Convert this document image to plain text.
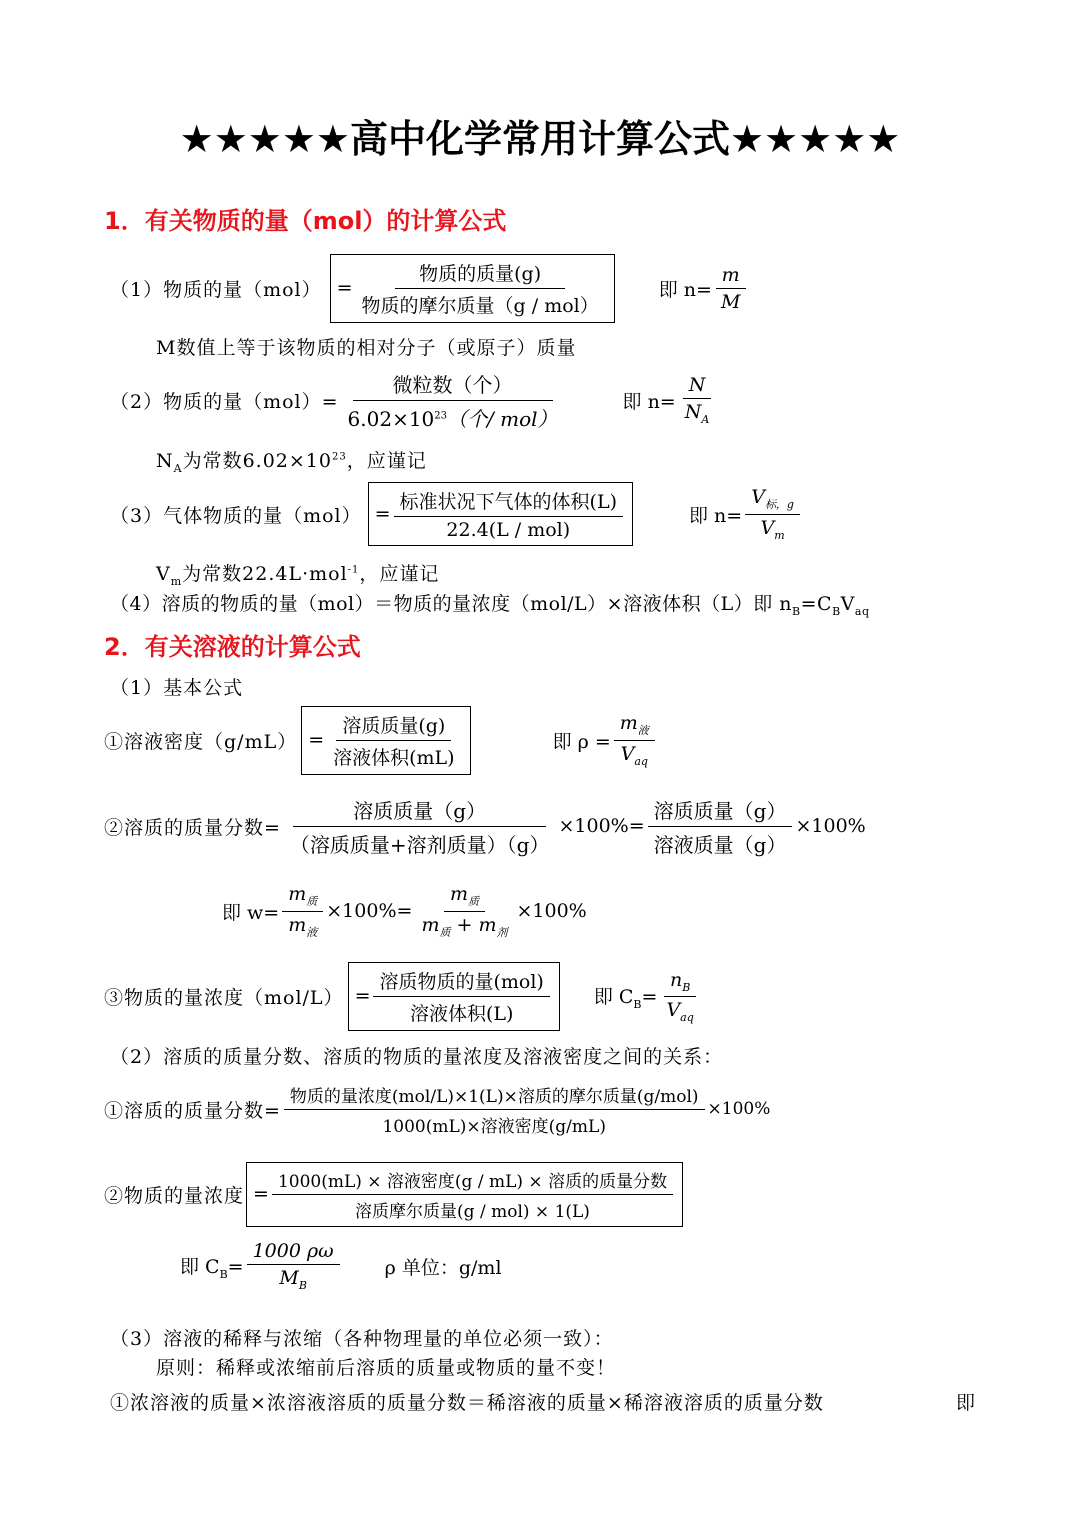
★★★★★高中化学常用计算公式★★★★★
1．有关物质的量（mol）的计算公式
（1）物质的量$(mol) = \frac{\text{物质的质量(g)}}{\text{物质的摩尔质量（g / mol）}}$	即 $n= \frac{m}{M}$
M数值上等于该物质的相对分子（或原子）质量
（2）物质的量$(mol)= \frac{\text{微粒数（个）}}{6.02\times 10^{23}(个/ mol)}$	即 $n= \frac{N}{N_A}$
$N_A$为常数$6.02\times 10^{23}$，应谨记
（3）气体物质的量$(mol) = \frac{\text{标准状况下气体的体积(L)}}{\text{22.4(L / mol)}}$	即 $n= \frac{V_{标,g}}{V_m}$
$V_m$为常数22.4L·mol$^{-1}$，应谨记
（4）溶质的物质的量（mol）＝物质的量浓度（mol/L）×溶液体积（L）即 $n_B=C_BV_{aq}$
2．有关溶液的计算公式
（1）基本公式
①溶液密度$(g/mL) = \frac{\text{溶质质量(g)}}{\text{溶液体积(mL)}}$	即 $\rho = \frac{m_液}{V_{aq}}$
②溶质的质量分数= $\frac{\text{溶质质量（g）}}{\text{（溶质质量+溶剂质量）（g）}} \times 100\% = \frac{\text{溶质质量（g）}}{\text{溶液质量（g）}} \times 100\%$
即 $w= \frac{m_质}{m_液} \times 100\%= \frac{m_质}{m_质 + m_剂} \times 100\%$
③物质的量浓度$(mol/L) = \frac{\text{溶质物质的量(mol)}}{\text{溶液体积(L)}}$ 即 $C_B= \frac{n_B}{V_{aq}}$
（2）溶质的质量分数、溶质的物质的量浓度及溶液密度之间的关系：
①溶质的质量分数= $\frac{\text{物质的量浓度(mol/L)×1(L)×溶质的摩尔质量(g/mol)}}{\text{1000(mL)×溶液密度(g/mL)}} \times 100\%$
②物质的量浓度 = $\frac{\text{1000(mL) × 溶液密度(g / mL) × 溶质的质量分数}}{\text{溶质摩尔质量(g / mol) × 1(L)}}$
即 $C_B= \frac{1000 \rho\omega}{M_B}$ ρ 单位：g/ml
（3）溶液的稀释与浓缩（各种物理量的单位必须一致）：
原则：稀释或浓缩前后溶质的质量或物质的量不变！
①浓溶液的质量×浓溶液溶质的质量分数＝稀溶液的质量×稀溶液溶质的质量分数	即
